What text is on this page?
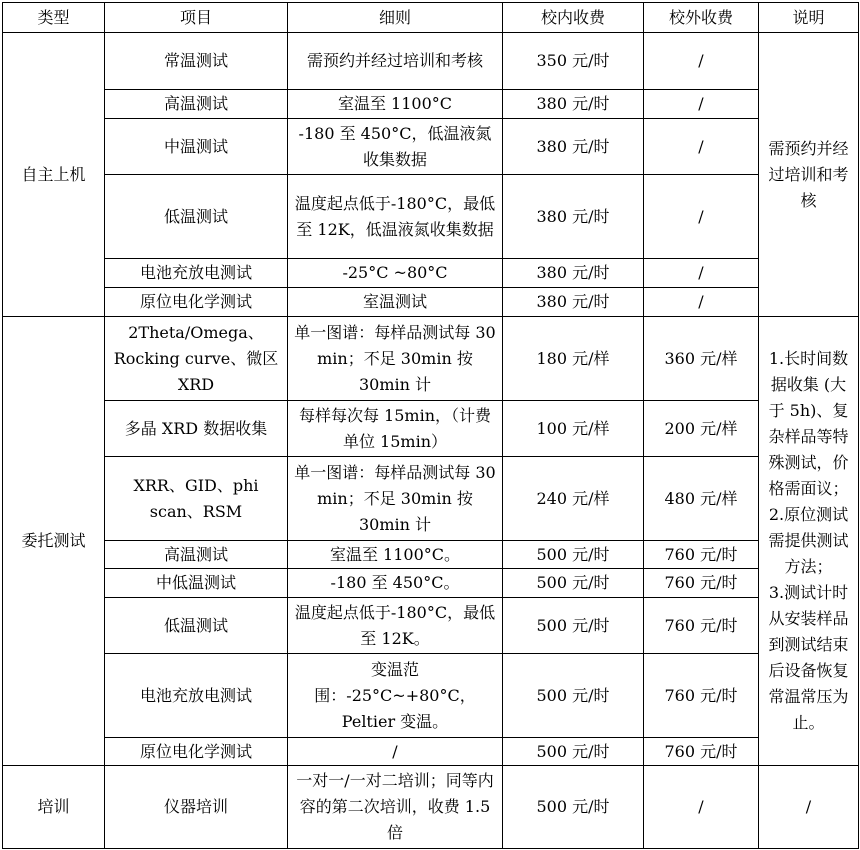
类型	项目	细则	校内收费	校外收费	说明
自主上机	常温测试	需预约并经过培训和考核	350 元/时	/	需预约并经过培训和考核
	高温测试	室温至 1100°C	380 元/时	/	
	中温测试	-180 至 450°C，低温液氮收集数据	380 元/时	/	
	低温测试	温度起点低于-180°C，最低至 12K，低温液氮收集数据	380 元/时	/	
	电池充放电测试	-25°C ~80°C	380 元/时	/	
	原位电化学测试	室温测试	380 元/时	/	
委托测试	2Theta/Omega、Rocking curve、微区 XRD	单一图谱：每样品测试每 30 min；不足 30min 按 30min 计	180 元/样	360 元/样	1.长时间数据收集 (大于 5h)、复杂样品等特殊测试，价格需面议；
2.原位测试需提供测试方法；
3.测试计时从安装样品到测试结束后设备恢复常温常压为止。
	多晶 XRD 数据收集	每样每次每 15min，（计费单位 15min）	100 元/样	200 元/样	
	XRR、GID、phi scan、RSM	单一图谱：每样品测试每 30 min；不足 30min 按 30min 计	240 元/样	480 元/样	
	高温测试	室温至 1100°C。	500 元/时	760 元/时	
	中低温测试	-180 至 450°C。	500 元/时	760 元/时	
	低温测试	温度起点低于-180°C，最低至 12K。	500 元/时	760 元/时	
	电池充放电测试	变温范围：-25°C~+80°C，Peltier 变温。	500 元/时	760 元/时	
	原位电化学测试	/	500 元/时	760 元/时	
培训	仪器培训	一对一/一对二培训；同等内容的第二次培训，收费 1.5 倍	500 元/时	/	/
